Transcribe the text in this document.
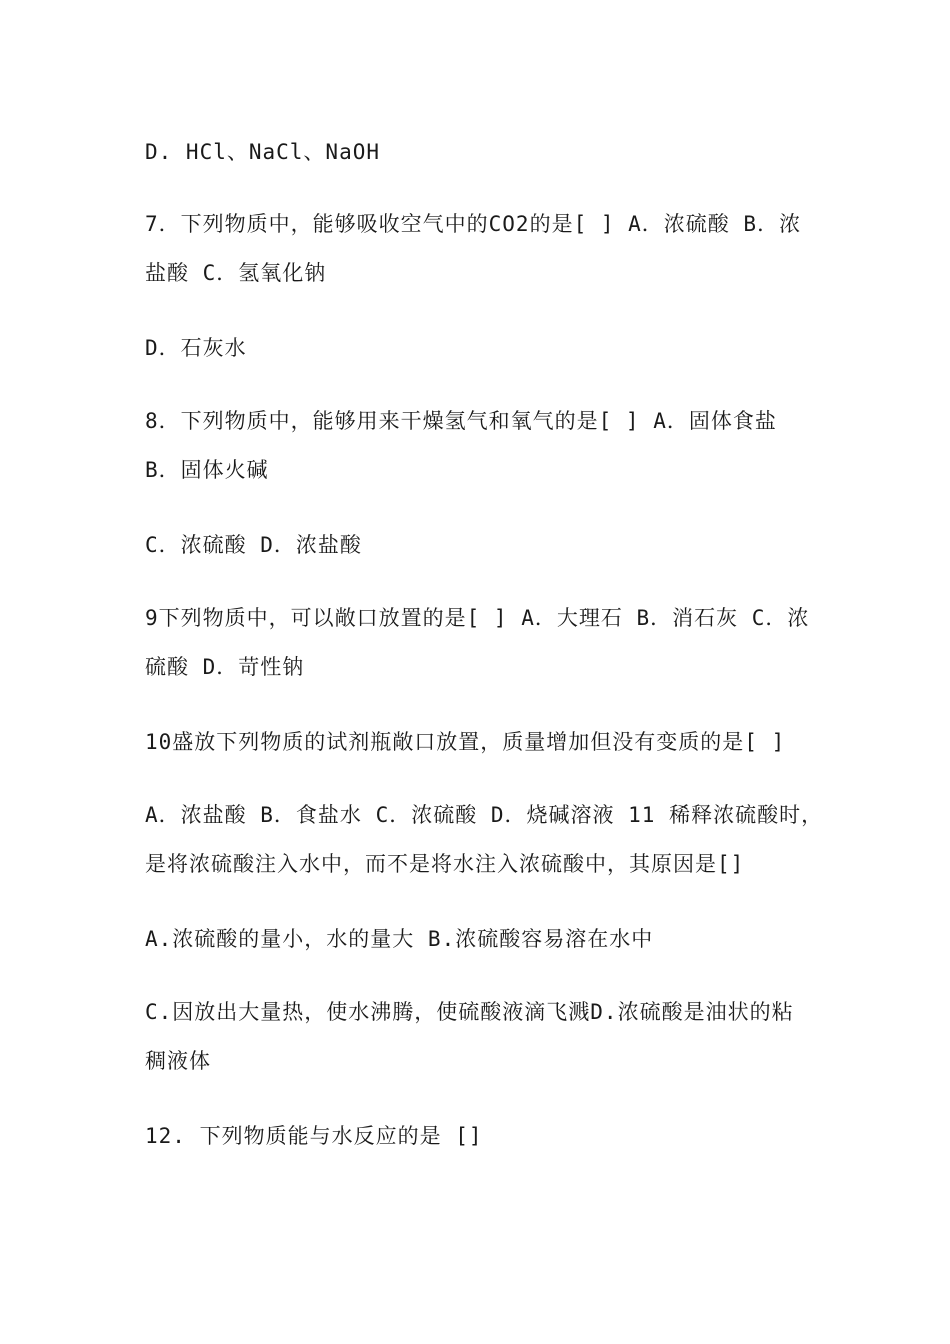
D. HCl、NaCl、NaOH
7．下列物质中，能够吸收空气中的CO2的是[ ] A．浓硫酸 B．浓
盐酸 C．氢氧化钠
D．石灰水
8．下列物质中，能够用来干燥氢气和氧气的是[ ] A．固体食盐
B．固体火碱
C．浓硫酸 D．浓盐酸
9下列物质中，可以敞口放置的是[ ] A．大理石 B．消石灰 C．浓
硫酸 D．苛性钠
10盛放下列物质的试剂瓶敞口放置，质量增加但没有变质的是[ ]
A．浓盐酸 B．食盐水 C．浓硫酸 D．烧碱溶液 11 稀释浓硫酸时，
是将浓硫酸注入水中，而不是将水注入浓硫酸中，其原因是[]
A.浓硫酸的量小，水的量大 B.浓硫酸容易溶在水中
C.因放出大量热，使水沸腾，使硫酸液滴飞溅D.浓硫酸是油状的粘
稠液体
12. 下列物质能与水反应的是 []
